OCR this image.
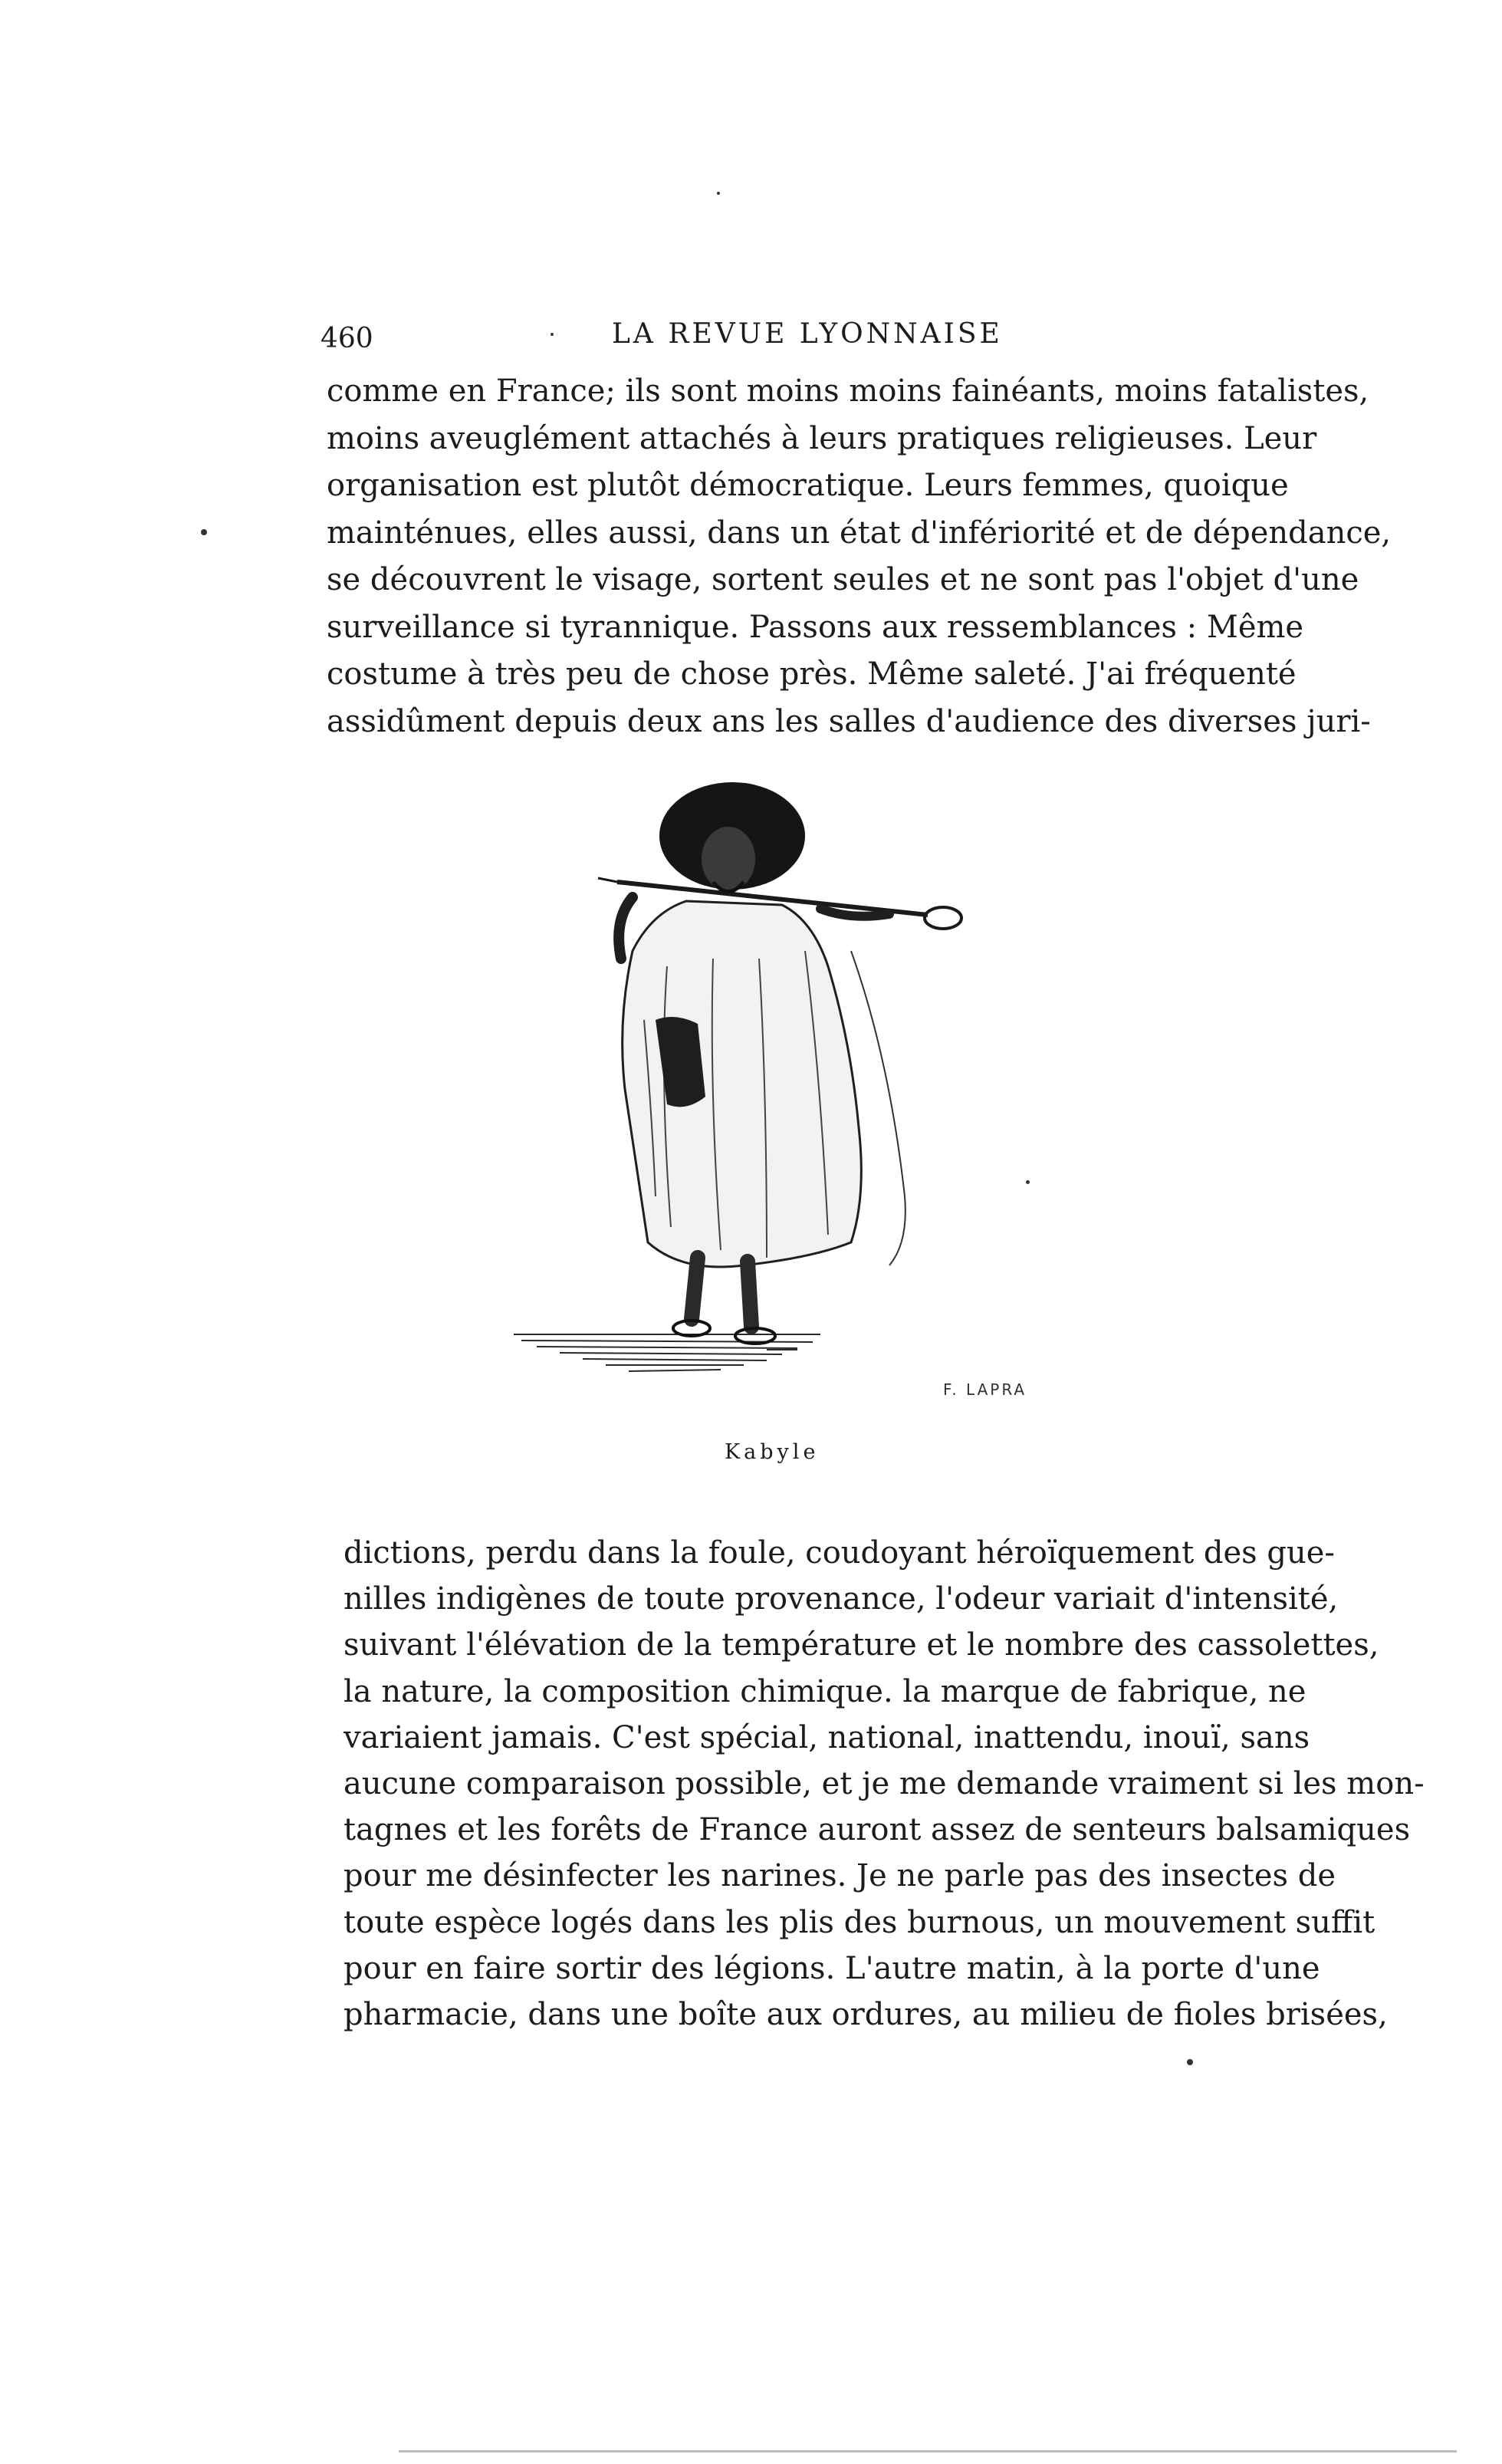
460	LA REVUE LYONNAISE
comme en France; ils sont moins moins fainéants, moins fatalistes,
moins aveuglément attachés à leurs pratiques religieuses. Leur
organisation est plutôt démocratique. Leurs femmes, quoique
mainténues, elles aussi, dans un état d'infériorité et de dépendance,
se découvrent le visage, sortent seules et ne sont pas l'objet d'une
surveillance si tyrannique. Passons aux ressemblances : Même
costume à très peu de chose près. Même saleté. J'ai fréquenté
assidûment depuis deux ans les salles d'audience des diverses juri-
F. LAPRA
Kabyle
dictions, perdu dans la foule, coudoyant héroïquement des gue-
nilles indigènes de toute provenance, l'odeur variait d'intensité,
suivant l'élévation de la température et le nombre des cassolettes,
la nature, la composition chimique. la marque de fabrique, ne
variaient jamais. C'est spécial, national, inattendu, inouï, sans
aucune comparaison possible, et je me demande vraiment si les mon-
tagnes et les forêts de France auront assez de senteurs balsamiques
pour me désinfecter les narines. Je ne parle pas des insectes de
toute espèce logés dans les plis des burnous, un mouvement suffit
pour en faire sortir des légions. L'autre matin, à la porte d'une
pharmacie, dans une boîte aux ordures, au milieu de fioles brisées,
